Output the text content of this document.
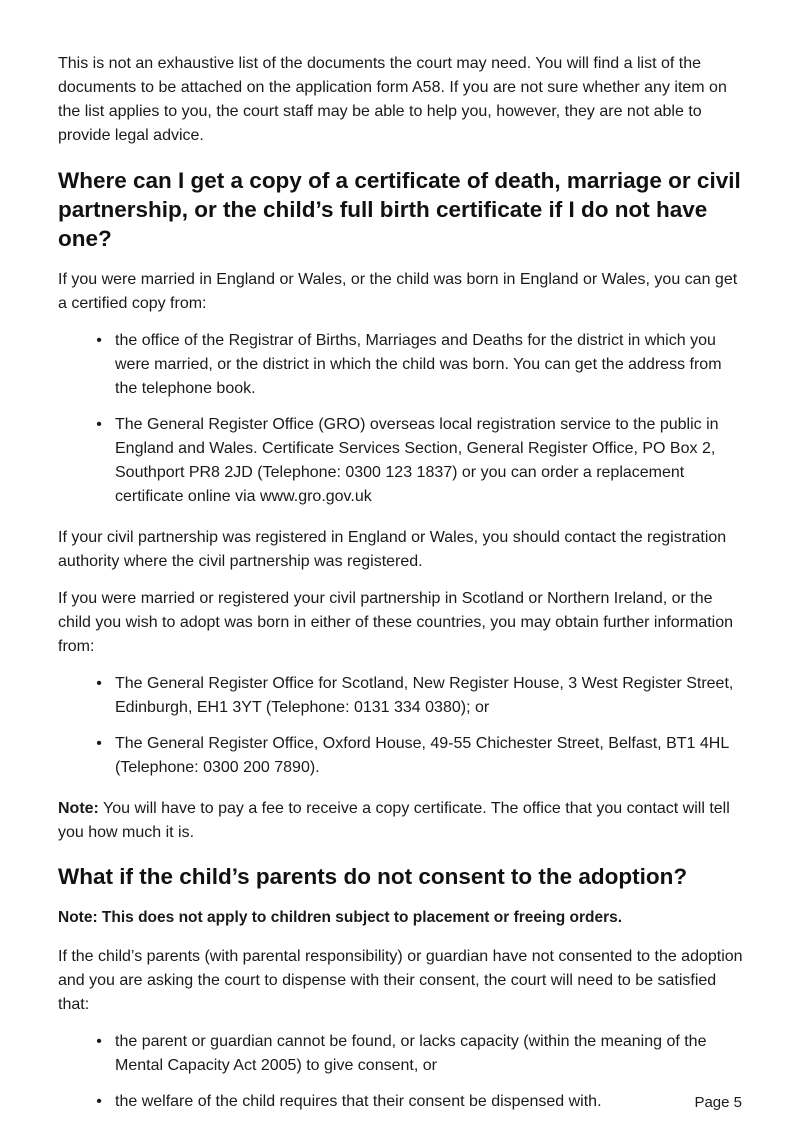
This is not an exhaustive list of the documents the court may need. You will find a list of the documents to be attached on the application form A58. If you are not sure whether any item on the list applies to you, the court staff may be able to help you, however, they are not able to provide legal advice.

Where can I get a copy of a certificate of death, marriage or civil partnership, or the child’s full birth certificate if I do not have one?

If you were married in England or Wales, or the child was born in England or Wales, you can get a certified copy from:

• the office of the Registrar of Births, Marriages and Deaths for the district in which you were married, or the district in which the child was born. You can get the address from the telephone book.
• The General Register Office (GRO) overseas local registration service to the public in England and Wales. Certificate Services Section, General Register Office, PO Box 2, Southport PR8 2JD (Telephone: 0300 123 1837) or you can order a replacement certificate online via www.gro.gov.uk

If your civil partnership was registered in England or Wales, you should contact the registration authority where the civil partnership was registered.

If you were married or registered your civil partnership in Scotland or Northern Ireland, or the child you wish to adopt was born in either of these countries, you may obtain further information from:

• The General Register Office for Scotland, New Register House, 3 West Register Street, Edinburgh, EH1 3YT (Telephone: 0131 334 0380); or
• The General Register Office, Oxford House, 49-55 Chichester Street, Belfast, BT1 4HL (Telephone: 0300 200 7890).

Note: You will have to pay a fee to receive a copy certificate. The office that you contact will tell you how much it is.

What if the child’s parents do not consent to the adoption?

Note: This does not apply to children subject to placement or freeing orders.

If the child’s parents (with parental responsibility) or guardian have not consented to the adoption and you are asking the court to dispense with their consent, the court will need to be satisfied that:

• the parent or guardian cannot be found, or lacks capacity (within the meaning of the Mental Capacity Act 2005) to give consent, or
• the welfare of the child requires that their consent be dispensed with.	Page 5
